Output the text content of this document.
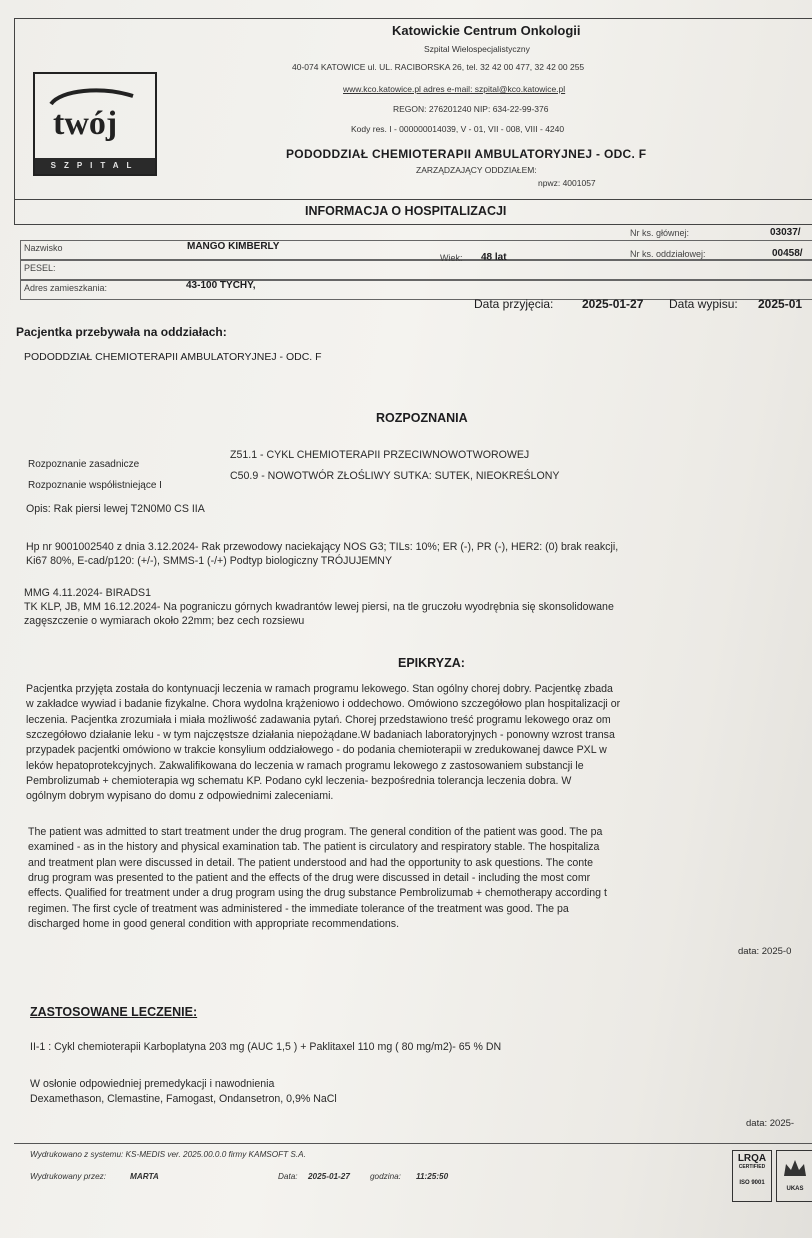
twój
SZPITAL
Katowickie Centrum Onkologii
Szpital Wielospecjalistyczny
40-074 KATOWICE ul. UL. RACIBORSKA 26, tel. 32 42 00 477, 32 42 00 255
www.kco.katowice.pl adres e-mail: szpital@kco.katowice.pl
REGON: 276201240 NIP: 634-22-99-376
Kody res. I - 000000014039, V - 01, VII - 008, VIII - 4240
PODODDZIAŁ CHEMIOTERAPII AMBULATORYJNEJ - ODC. F
ZARZĄDZAJĄCY ODDZIAŁEM:
npwz: 4001057
INFORMACJA O HOSPITALIZACJI
Nazwisko	MANGO KIMBERLY
PESEL:
Adres zamieszkania:	43-100 TYCHY,
Wiek: 48 lat
Nr ks. głównej:	03037/
Nr ks. oddziałowej:	00458/
Data przyjęcia: 2025-01-27 Data wypisu: 2025-01
Pacjentka przebywała na oddziałach:
PODODDZIAŁ CHEMIOTERAPII AMBULATORYJNEJ - ODC. F
ROZPOZNANIA
Rozpoznanie zasadnicze
Z51.1 - CYKL CHEMIOTERAPII PRZECIWNOWOTWOROWEJ
Rozpoznanie współistniejące I
C50.9 - NOWOTWÓR ZŁOŚLIWY SUTKA: SUTEK, NIEOKREŚLONY
Opis: Rak piersi lewej T2N0M0 CS IIA
Hp nr 9001002540 z dnia 3.12.2024- Rak przewodowy naciekający NOS G3; TILs: 10%; ER (-), PR (-), HER2: (0) brak reakcji,
Ki67 80%, E-cad/p120: (+/-), SMMS-1 (-/+) Podtyp biologiczny TRÓJUJEMNY
MMG 4.11.2024- BIRADS1
TK KLP, JB, MM 16.12.2024- Na pograniczu górnych kwadrantów lewej piersi, na tle gruczołu wyodrębnia się skonsolidowane
zagęszczenie o wymiarach około 22mm; bez cech rozsiewu
EPIKRYZA:
Pacjentka przyjęta została do kontynuacji leczenia w ramach programu lekowego. Stan ogólny chorej dobry. Pacjentkę zbada
w zakładce wywiad i badanie fizykalne. Chora wydolna krążeniowo i oddechowo. Omówiono szczegółowo plan hospitalizacji or
leczenia. Pacjentka zrozumiała i miała możliwość zadawania pytań. Chorej przedstawiono treść programu lekowego oraz om
szczegółowo działanie leku - w tym najczęstsze działania niepożądane.W badaniach laboratoryjnych - ponowny wzrost transa
przypadek pacjentki omówiono w trakcie konsylium oddziałowego - do podania chemioterapii w zredukowanej dawce PXL w
leków hepatoprotekcyjnych. Zakwalifikowana do leczenia w ramach programu lekowego z zastosowaniem substancji le
Pembrolizumab + chemioterapia wg schematu KP. Podano cykl leczenia- bezpośrednia tolerancja leczenia dobra. W
ogólnym dobrym wypisano do domu z odpowiednimi zaleceniami.
The patient was admitted to start treatment under the drug program. The general condition of the patient was good. The pa
examined - as in the history and physical examination tab. The patient is circulatory and respiratory stable. The hospitaliza
and treatment plan were discussed in detail. The patient understood and had the opportunity to ask questions. The conte
drug program was presented to the patient and the effects of the drug were discussed in detail - including the most comr
effects. Qualified for treatment under a drug program using the drug substance Pembrolizumab + chemotherapy according t
regimen. The first cycle of treatment was administered - the immediate tolerance of the treatment was good. The pa
discharged home in good general condition with appropriate recommendations.
data: 2025-0
ZASTOSOWANE LECZENIE:
II-1 : Cykl chemioterapii Karboplatyna 203 mg (AUC 1,5 ) + Paklitaxel 110 mg ( 80 mg/m2)- 65 % DN
W osłonie odpowiedniej premedykacji i nawodnienia
Dexamethason, Clemastine, Famogast, Ondansetron, 0,9% NaCl
data: 2025-
Wydrukowano z systemu: KS-MEDIS ver. 2025.00.0.0 firmy KAMSOFT S.A.
Wydrukowany przez:	MARTA	Data: 2025-01-27 godzina: 11:25:50
LRQA
CERTIFIED
ISO 9001
UKAS
